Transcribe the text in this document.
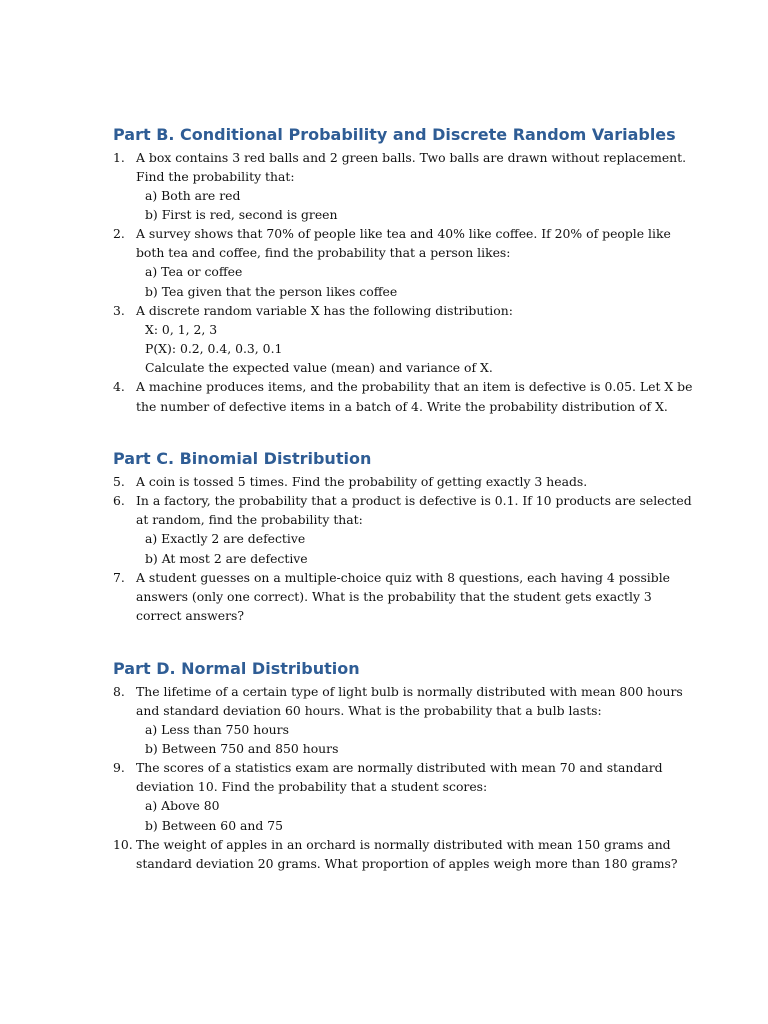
Part B. Conditional Probability and Discrete Random Variables
1. A box contains 3 red balls and 2 green balls. Two balls are drawn without replacement.
Find the probability that:
a) Both are red
b) First is red, second is green
2. A survey shows that 70% of people like tea and 40% like coffee. If 20% of people like
both tea and coffee, find the probability that a person likes:
a) Tea or coffee
b) Tea given that the person likes coffee
3. A discrete random variable X has the following distribution:
X: 0, 1, 2, 3
P(X): 0.2, 0.4, 0.3, 0.1
Calculate the expected value (mean) and variance of X.
4. A machine produces items, and the probability that an item is defective is 0.05. Let X be
the number of defective items in a batch of 4. Write the probability distribution of X.
Part C. Binomial Distribution
5. A coin is tossed 5 times. Find the probability of getting exactly 3 heads.
6. In a factory, the probability that a product is defective is 0.1. If 10 products are selected
at random, find the probability that:
a) Exactly 2 are defective
b) At most 2 are defective
7. A student guesses on a multiple-choice quiz with 8 questions, each having 4 possible
answers (only one correct). What is the probability that the student gets exactly 3
correct answers?
Part D. Normal Distribution
8. The lifetime of a certain type of light bulb is normally distributed with mean 800 hours
and standard deviation 60 hours. What is the probability that a bulb lasts:
a) Less than 750 hours
b) Between 750 and 850 hours
9. The scores of a statistics exam are normally distributed with mean 70 and standard
deviation 10. Find the probability that a student scores:
a) Above 80
b) Between 60 and 75
10. The weight of apples in an orchard is normally distributed with mean 150 grams and
standard deviation 20 grams. What proportion of apples weigh more than 180 grams?
